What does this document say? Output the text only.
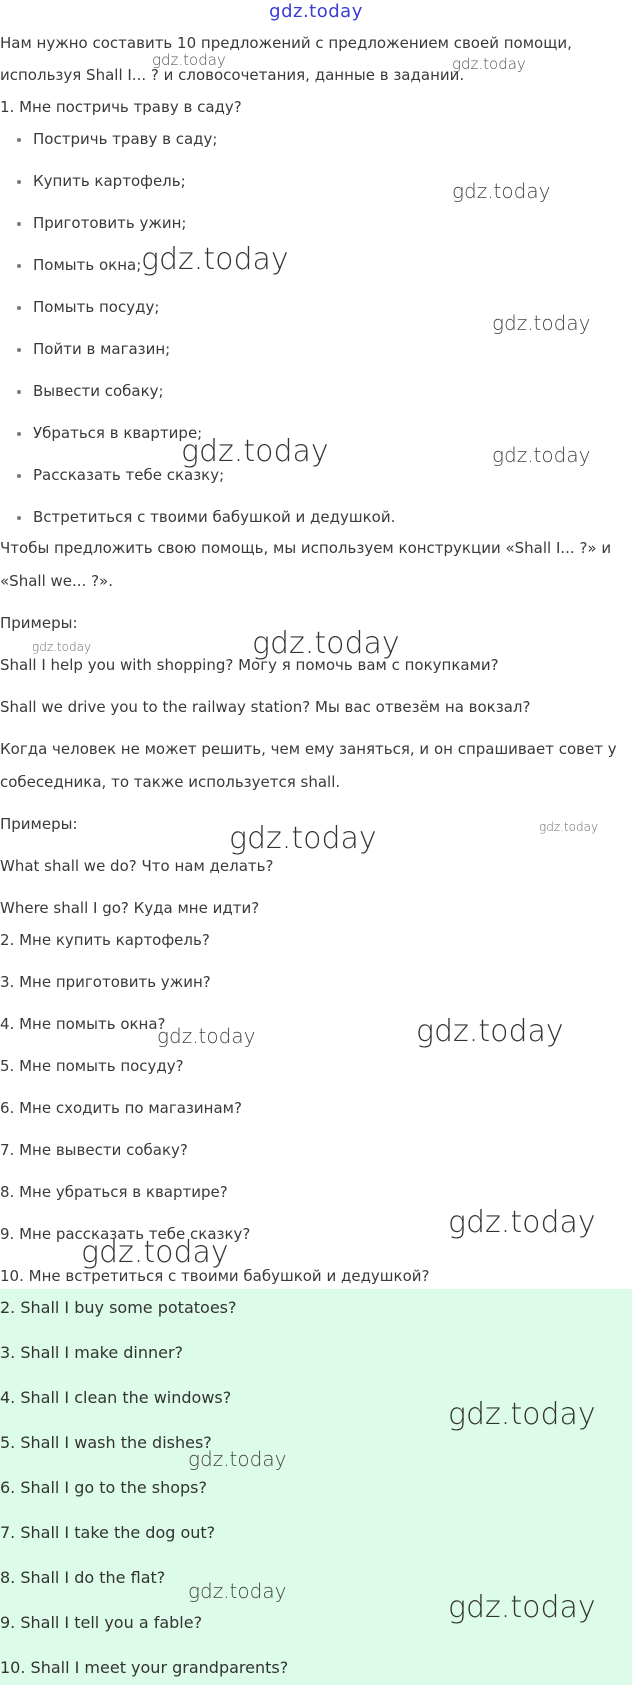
gdz.today
Нам нужно составить 10 предложений с предложением своей помощи,
используя Shall I... ? и словосочетания, данные в задании.
1. Мне постричь траву в саду?
Постричь траву в саду;
Купить картофель;
Приготовить ужин;
Помыть окна;
Помыть посуду;
Пойти в магазин;
Вывести собаку;
Убраться в квартире;
Рассказать тебе сказку;
Встретиться с твоими бабушкой и дедушкой.
Чтобы предложить свою помощь, мы используем конструкции «Shall I... ?» и
«Shall we... ?».
Примеры:
Shall I help you with shopping? Могу я помочь вам с покупками?
Shall we drive you to the railway station? Мы вас отвезём на вокзал?
Когда человек не может решить, чем ему заняться, и он спрашивает совет у
собеседника, то также используется shall.
Примеры:
What shall we do? Что нам делать?
Where shall I go? Куда мне идти?
2. Мне купить картофель?
3. Мне приготовить ужин?
4. Мне помыть окна?
5. Мне помыть посуду?
6. Мне сходить по магазинам?
7. Мне вывести собаку?
8. Мне убраться в квартире?
9. Мне рассказать тебе сказку?
10. Мне встретиться с твоими бабушкой и дедушкой?
2. Shall I buy some potatoes?
3. Shall I make dinner?
4. Shall I clean the windows?
5. Shall I wash the dishes?
6. Shall I go to the shops?
7. Shall I take the dog out?
8. Shall I do the flat?
9. Shall I tell you a fable?
10. Shall I meet your grandparents?
gdz.today	gdz.today
gdz.today
gdz.today
gdz.today
gdz.today	gdz.today
gdz.today	gdz.today
gdz.today
gdz.today
gdz.today	gdz.today
gdz.today
gdz.today
gdz.today
gdz.today
gdz.today	gdz.today
